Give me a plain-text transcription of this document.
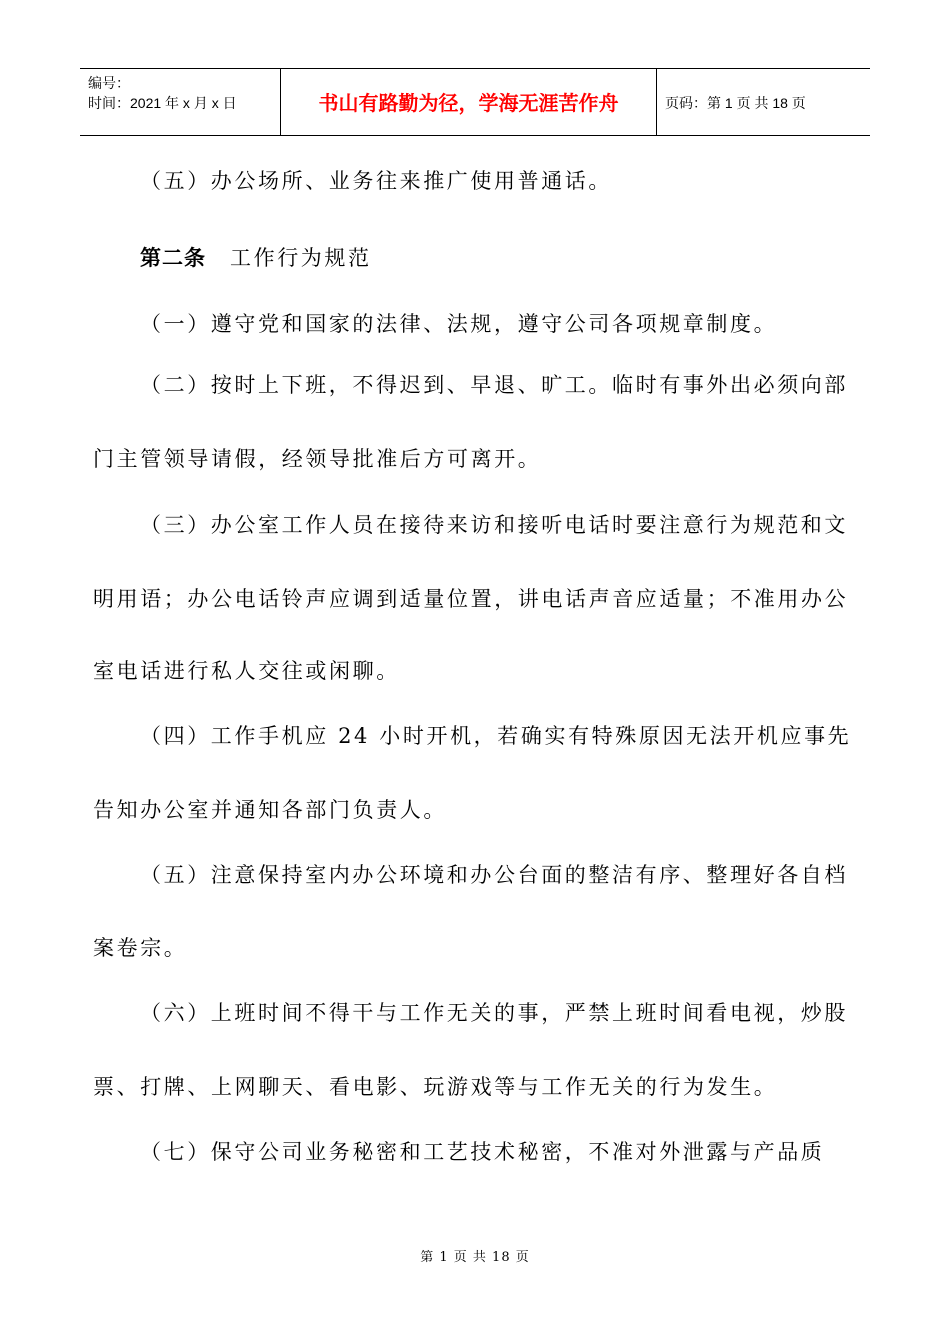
编号：
时间：2021 年 x 月 x 日	书山有路勤为径，学海无涯苦作舟	页码：第 1 页 共 18 页
（五）办公场所、业务往来推广使用普通话。
第二条 工作行为规范
（一）遵守党和国家的法律、法规，遵守公司各项规章制度。
（二）按时上下班，不得迟到、早退、旷工。临时有事外出必须向部
门主管领导请假，经领导批准后方可离开。
（三）办公室工作人员在接待来访和接听电话时要注意行为规范和文
明用语；办公电话铃声应调到适量位置，讲电话声音应适量；不准用办公
室电话进行私人交往或闲聊。
（四）工作手机应 24 小时开机，若确实有特殊原因无法开机应事先
告知办公室并通知各部门负责人。
（五）注意保持室内办公环境和办公台面的整洁有序、整理好各自档
案卷宗。
（六）上班时间不得干与工作无关的事，严禁上班时间看电视，炒股
票、打牌、上网聊天、看电影、玩游戏等与工作无关的行为发生。
（七）保守公司业务秘密和工艺技术秘密，不准对外泄露与产品质
第 1 页 共 18 页
